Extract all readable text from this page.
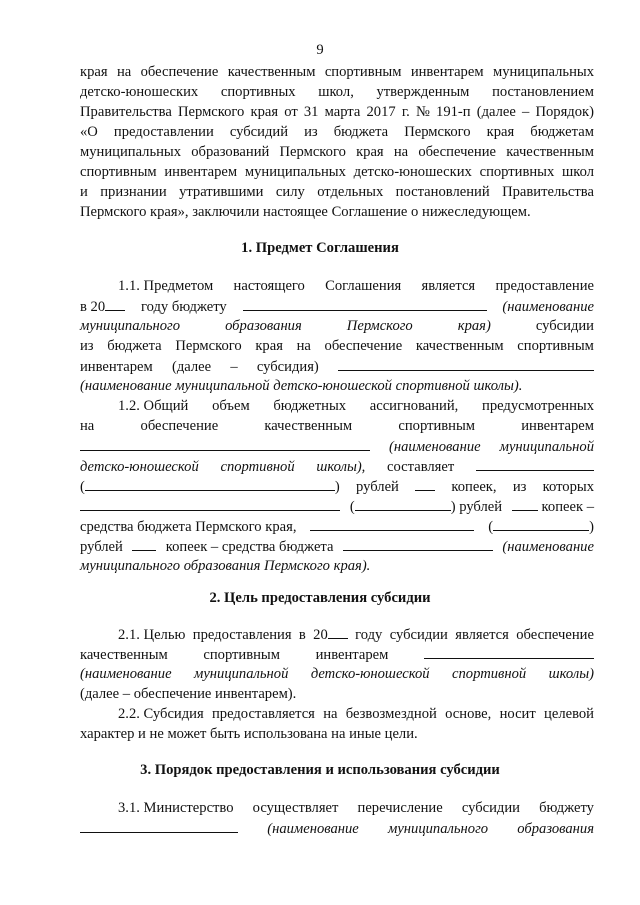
9
края на обеспечение качественным спортивным инвентарем муниципальных
детско-юношеских спортивных школ, утвержденным постановлением
Правительства Пермского края от 31 марта 2017 г. № 191-п (далее – Порядок)
«О предоставлении субсидий из бюджета Пермского края бюджетам
муниципальных образований Пермского края на обеспечение качественным
спортивным инвентарем муниципальных детско-юношеских спортивных школ
и признании утратившими силу отдельных постановлений Правительства
Пермского края», заключили настоящее Соглашение о нижеследующем.
1. Предмет Соглашения
1.1. Предметом настоящего Соглашения является предоставление
в 20	году бюджету	(наименование
муниципального	образования	Пермского	края)	субсидии
из бюджета Пермского края на обеспечение качественным спортивным
инвентарем (далее – субсидия)
(наименование муниципальной детско-юношеской спортивной школы).
1.2. Общий объем бюджетных ассигнований, предусмотренных
на	обеспечение	качественным	спортивным	инвентарем
(наименование муниципальной
детско-юношеской спортивной школы), составляет
(	) рублей	копеек, из которых
(	) рублей	копеек –
средства бюджета Пермского края,	(	)
рублей	копеек – средства бюджета	(наименование
муниципального образования Пермского края).
2. Цель предоставления субсидии
2.1. Целью предоставления в 20	году субсидии является обеспечение
качественным спортивным инвентарем
(наименование муниципальной детско-юношеской спортивной школы)
(далее – обеспечение инвентарем).
2.2. Субсидия предоставляется на безвозмездной основе, носит целевой
характер и не может быть использована на иные цели.
3. Порядок предоставления и использования субсидии
3.1. Министерство осуществляет перечисление субсидии бюджету
(наименование муниципального образования
